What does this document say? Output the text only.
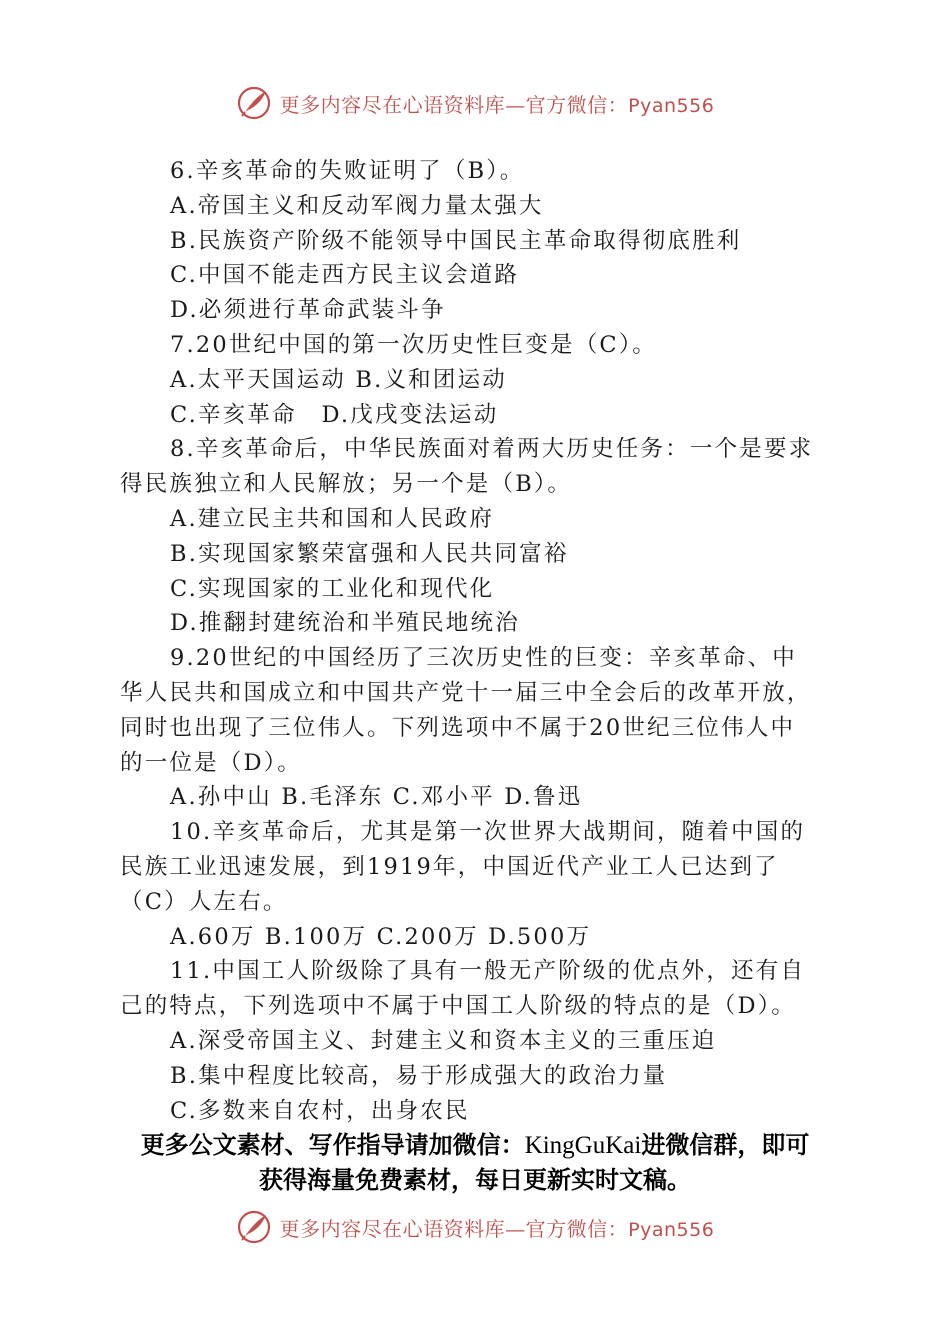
更多内容尽在心语资料库—官方微信：Pyan556
6.辛亥革命的失败证明了（B）。
A.帝国主义和反动军阀力量太强大
B.民族资产阶级不能领导中国民主革命取得彻底胜利
C.中国不能走西方民主议会道路
D.必须进行革命武装斗争
7.20世纪中国的第一次历史性巨变是（C）。
A.太平天国运动 B.义和团运动
C.辛亥革命　D.戊戌变法运动
8.辛亥革命后，中华民族面对着两大历史任务：一个是要求
得民族独立和人民解放；另一个是（B）。
A.建立民主共和国和人民政府
B.实现国家繁荣富强和人民共同富裕
C.实现国家的工业化和现代化
D.推翻封建统治和半殖民地统治
9.20世纪的中国经历了三次历史性的巨变：辛亥革命、中
华人民共和国成立和中国共产党十一届三中全会后的改革开放，
同时也出现了三位伟人。下列选项中不属于20世纪三位伟人中
的一位是（D）。
A.孙中山 B.毛泽东 C.邓小平 D.鲁迅
10.辛亥革命后，尤其是第一次世界大战期间，随着中国的
民族工业迅速发展，到1919年，中国近代产业工人已达到了
（C）人左右。
A.60万 B.100万 C.200万 D.500万
11.中国工人阶级除了具有一般无产阶级的优点外，还有自
己的特点，下列选项中不属于中国工人阶级的特点的是（D）。
A.深受帝国主义、封建主义和资本主义的三重压迫
B.集中程度比较高，易于形成强大的政治力量
C.多数来自农村，出身农民
更多公文素材、写作指导请加微信：KingGuKai进微信群，即可
获得海量免费素材，每日更新实时文稿。
更多内容尽在心语资料库—官方微信：Pyan556
